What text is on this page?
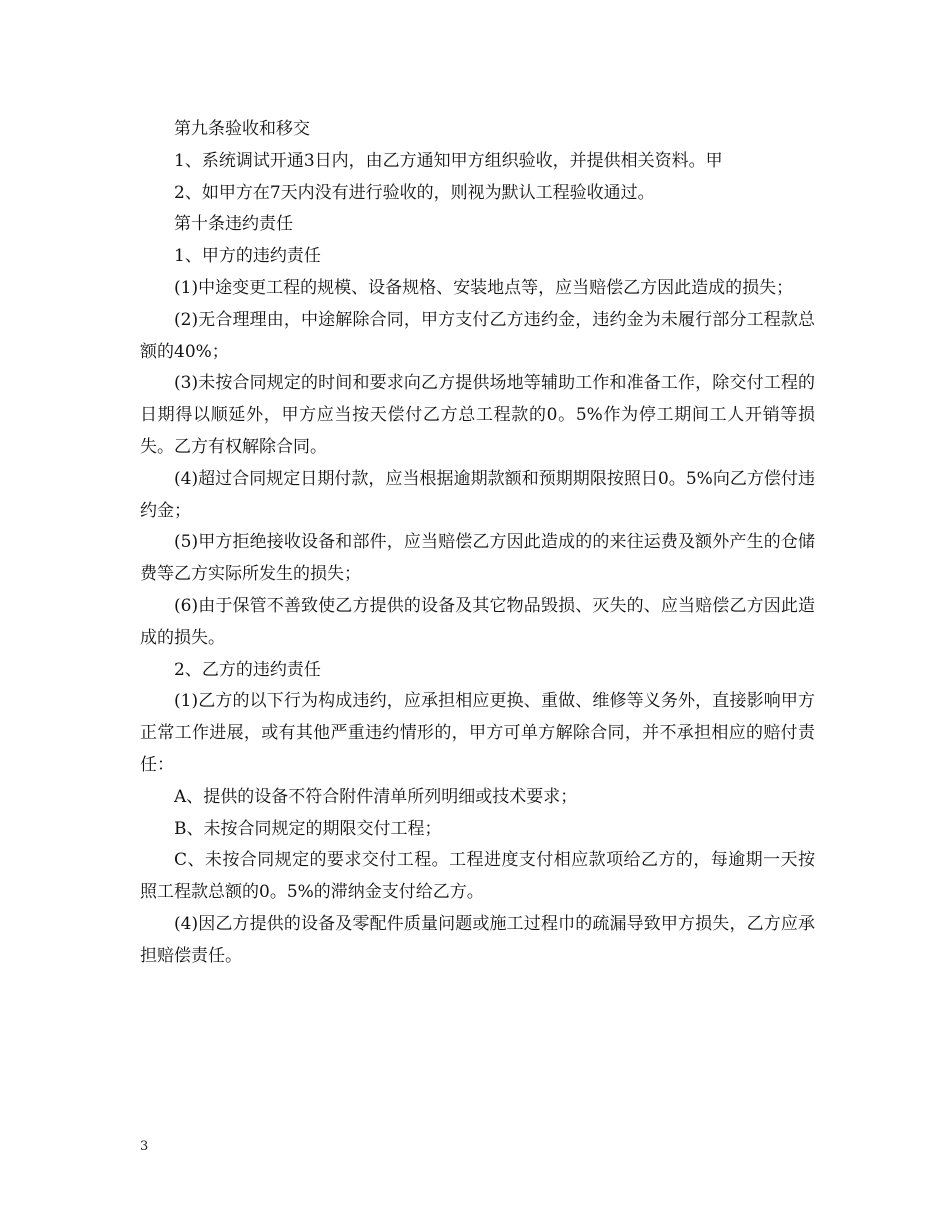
第九条验收和移交

1、系统调试开通3日内，由乙方通知甲方组织验收，并提供相关资料。甲

2、如甲方在7天内没有进行验收的，则视为默认工程验收通过。

第十条违约责任

1、甲方的违约责任

(1)中途变更工程的规模、设备规格、安装地点等，应当赔偿乙方因此造成的损失；

(2)无合理理由，中途解除合同，甲方支付乙方违约金，违约金为未履行部分工程款总额的40%；

(3)未按合同规定的时间和要求向乙方提供场地等辅助工作和准备工作，除交付工程的日期得以顺延外，甲方应当按天偿付乙方总工程款的0。5%作为停工期间工人开销等损失。乙方有权解除合同。

(4)超过合同规定日期付款，应当根据逾期款额和预期期限按照日0。5%向乙方偿付违约金；

(5)甲方拒绝接收设备和部件，应当赔偿乙方因此造成的的来往运费及额外产生的仓储费等乙方实际所发生的损失；

(6)由于保管不善致使乙方提供的设备及其它物品毁损、灭失的、应当赔偿乙方因此造成的损失。

2、乙方的违约责任

(1)乙方的以下行为构成违约，应承担相应更换、重做、维修等义务外，直接影响甲方正常工作进展，或有其他严重违约情形的，甲方可单方解除合同，并不承担相应的赔付责任：

A、提供的设备不符合附件清单所列明细或技术要求；

B、未按合同规定的期限交付工程；

C、未按合同规定的要求交付工程。工程进度支付相应款项给乙方的，每逾期一天按照工程款总额的0。5%的滞纳金支付给乙方。

(4)因乙方提供的设备及零配件质量问题或施工过程巾的疏漏导致甲方损失，乙方应承担赔偿责任。

3
